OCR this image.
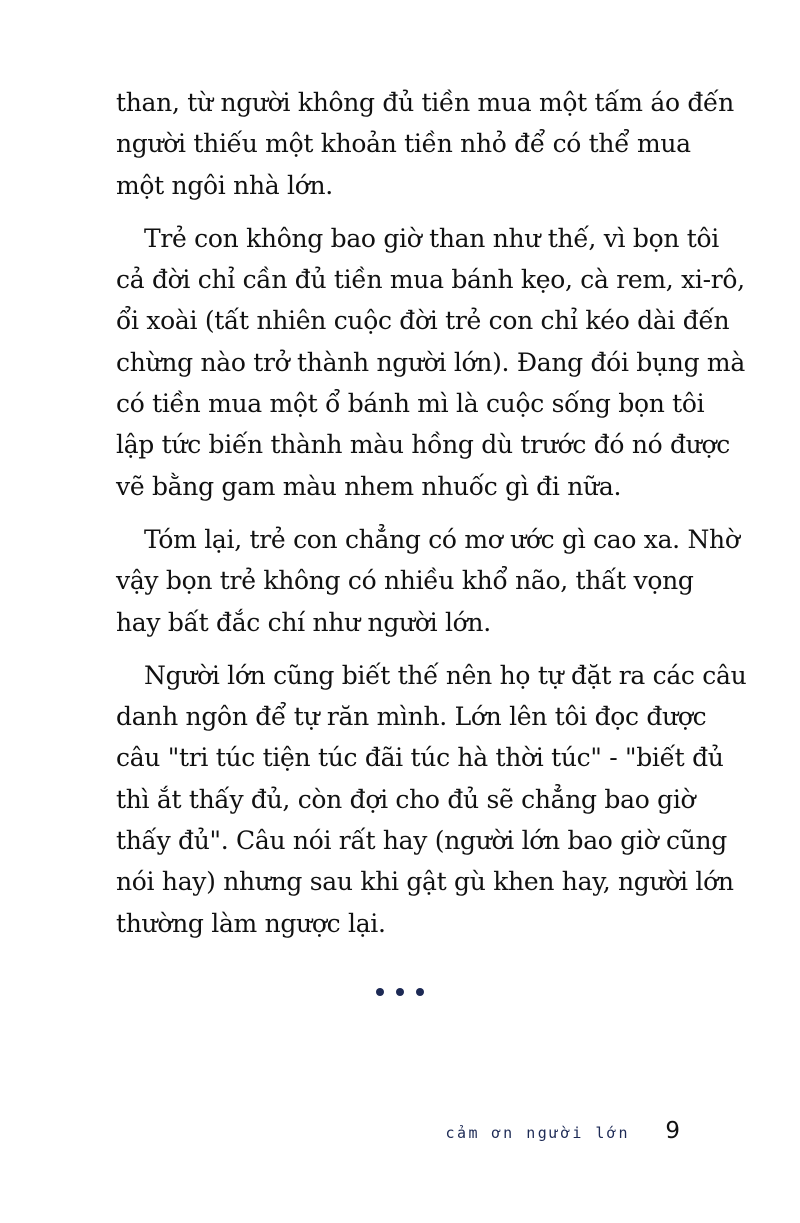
than, từ người không đủ tiền mua một tấm áo đến
người thiếu một khoản tiền nhỏ để có thể mua
một ngôi nhà lớn.
Trẻ con không bao giờ than như thế, vì bọn tôi
cả đời chỉ cần đủ tiền mua bánh kẹo, cà rem, xi-rô,
ổi xoài (tất nhiên cuộc đời trẻ con chỉ kéo dài đến
chừng nào trở thành người lớn). Đang đói bụng mà
có tiền mua một ổ bánh mì là cuộc sống bọn tôi
lập tức biến thành màu hồng dù trước đó nó được
vẽ bằng gam màu nhem nhuốc gì đi nữa.
Tóm lại, trẻ con chẳng có mơ ước gì cao xa. Nhờ
vậy bọn trẻ không có nhiều khổ não, thất vọng
hay bất đắc chí như người lớn.
Người lớn cũng biết thế nên họ tự đặt ra các câu
danh ngôn để tự răn mình. Lớn lên tôi đọc được
câu "tri túc tiện túc đãi túc hà thời túc" - "biết đủ
thì ắt thấy đủ, còn đợi cho đủ sẽ chẳng bao giờ
thấy đủ". Câu nói rất hay (người lớn bao giờ cũng
nói hay) nhưng sau khi gật gù khen hay, người lớn
thường làm ngược lại.
cảm ơn người lớn 9
